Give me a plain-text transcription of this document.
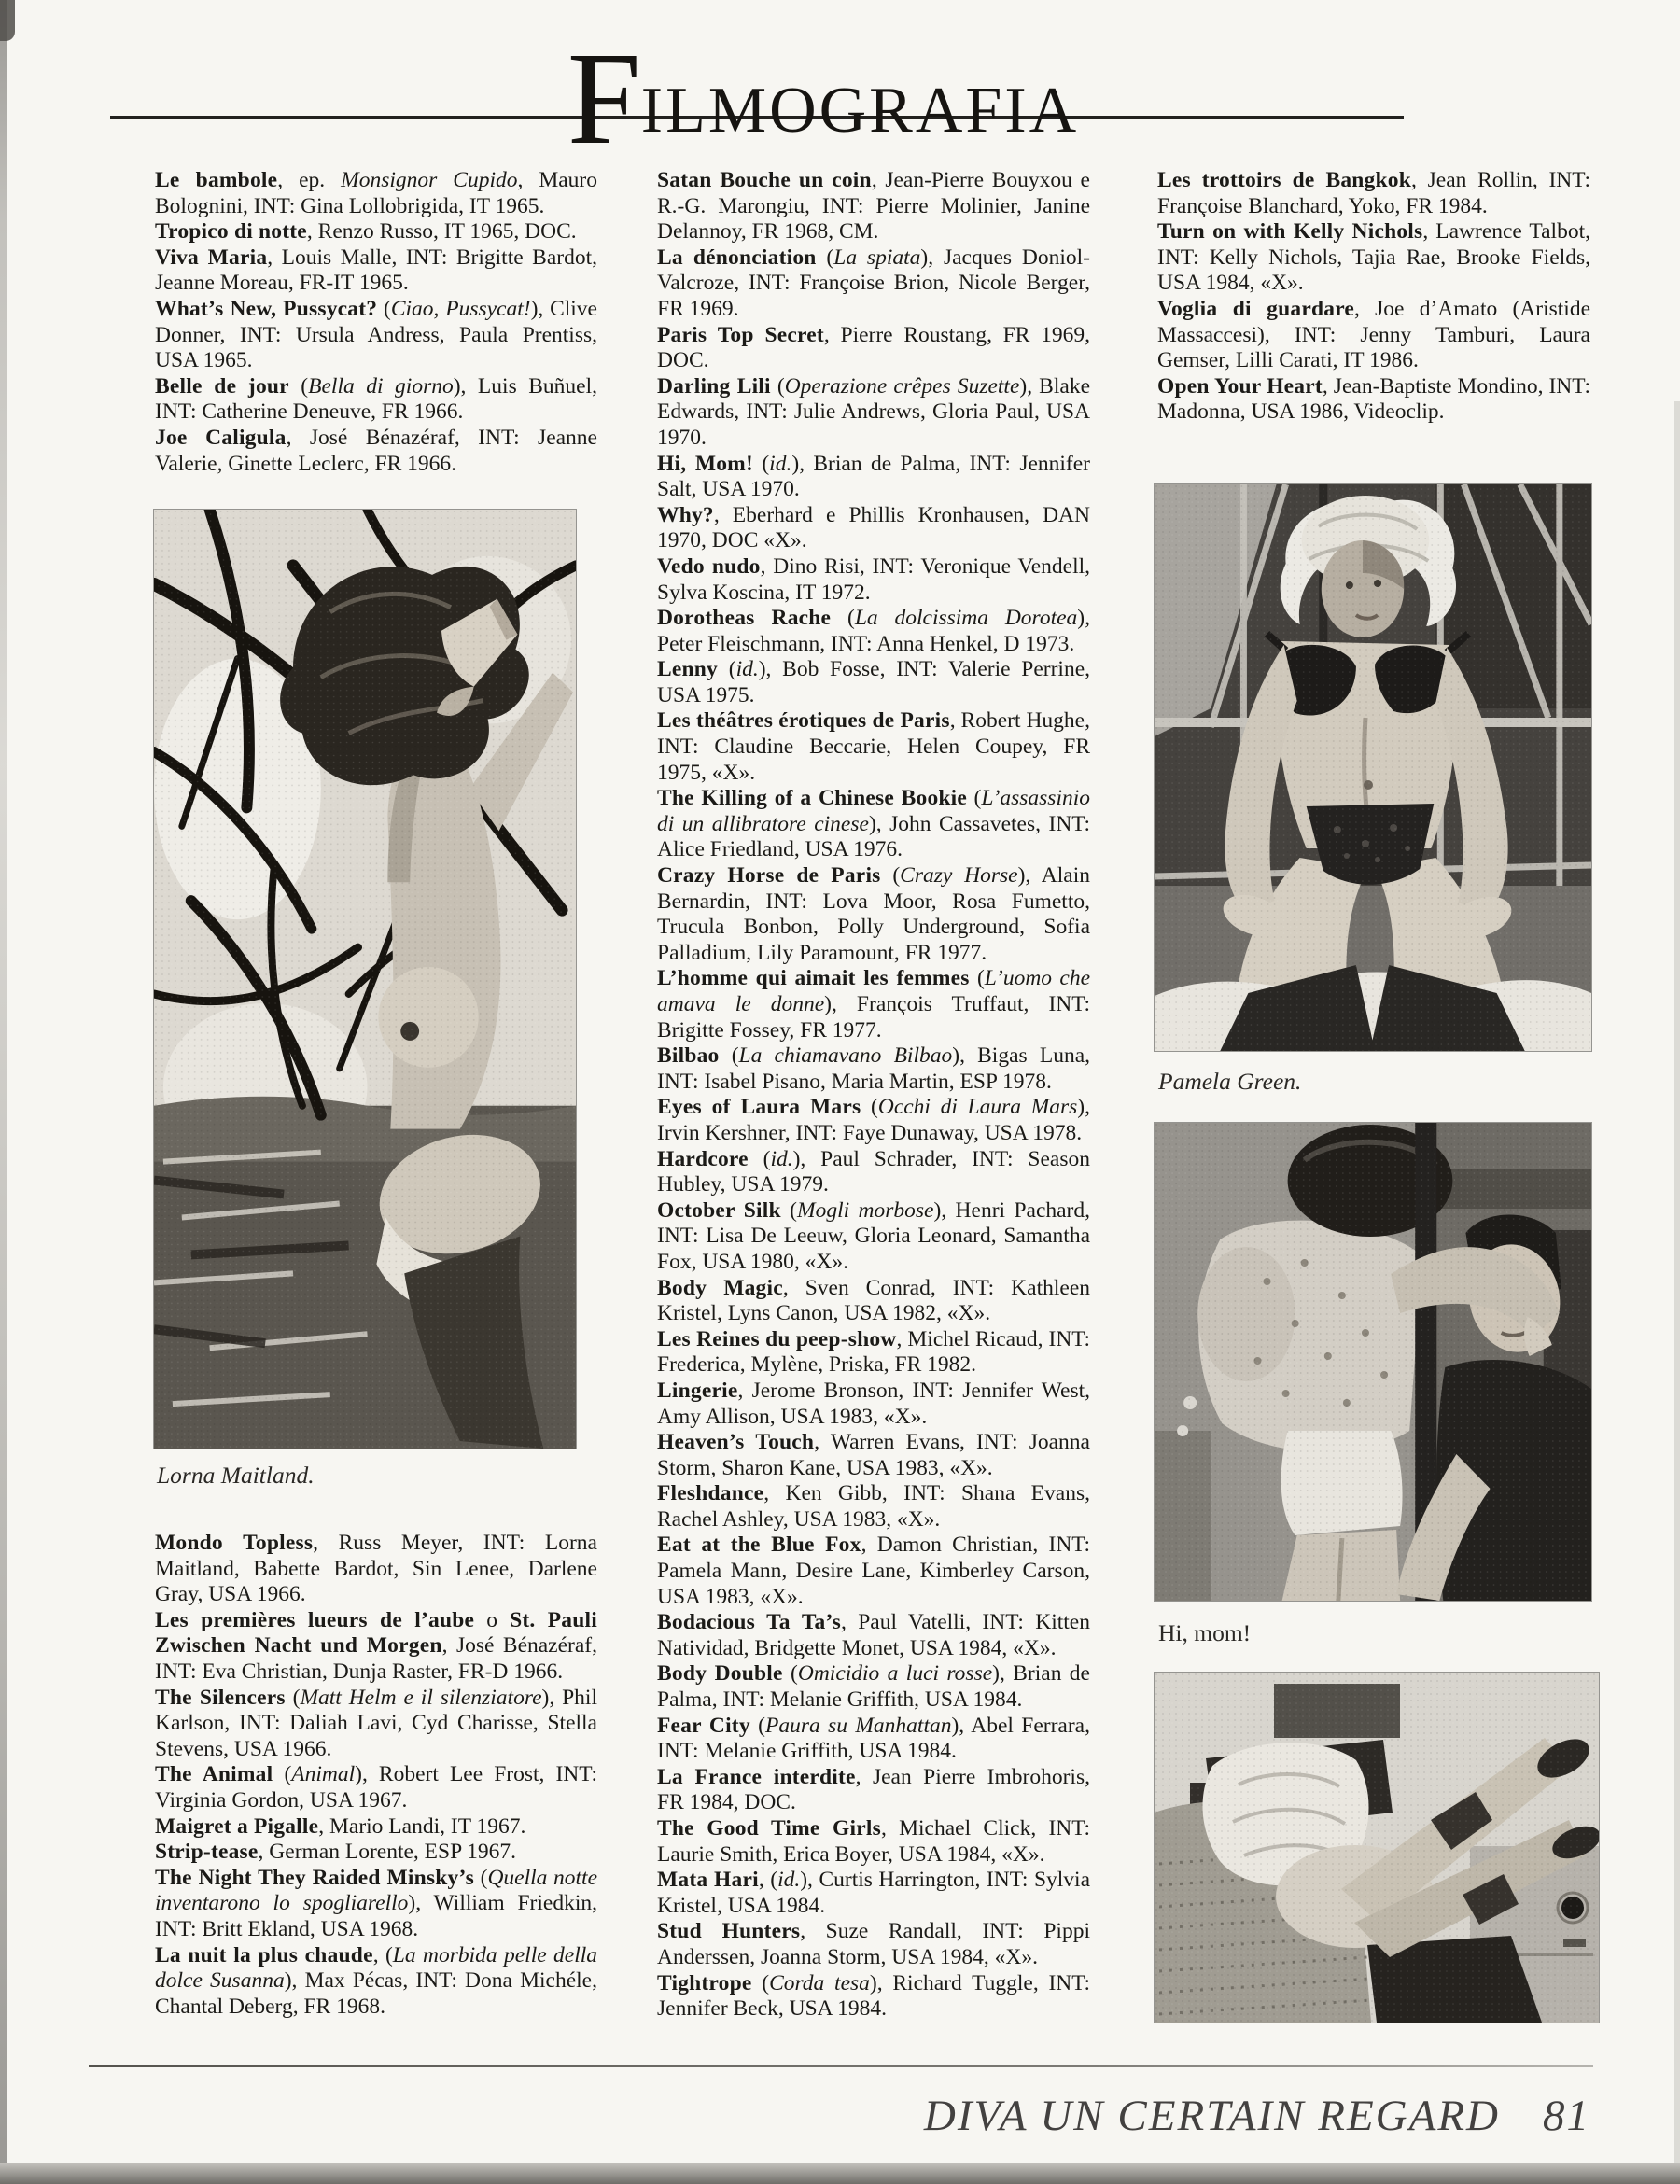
FILMOGRAFIA

Le bambole, ep. Monsignor Cupido, Mauro Bolognini, INT: Gina Lollobrigida, IT 1965.

Tropico di notte, Renzo Russo, IT 1965, DOC.

Viva Maria, Louis Malle, INT: Brigitte Bardot, Jeanne Moreau, FR-IT 1965.

What’s New, Pussycat? (Ciao, Pussycat!), Clive Donner, INT: Ursula Andress, Paula Prentiss, USA 1965.

Belle de jour (Bella di giorno), Luis Buñuel, INT: Catherine Deneuve, FR 1966.

Joe Caligula, José Bénazéraf, INT: Jeanne Valerie, Ginette Leclerc, FR 1966.

Lorna Maitland.

Mondo Topless, Russ Meyer, INT: Lorna Maitland, Babette Bardot, Sin Lenee, Darlene Gray, USA 1966.

Les premières lueurs de l’aube o St. Pauli Zwischen Nacht und Morgen, José Bénazéraf, INT: Eva Christian, Dunja Raster, FR-D 1966.

The Silencers (Matt Helm e il silenziatore), Phil Karlson, INT: Daliah Lavi, Cyd Charisse, Stella Stevens, USA 1966.

The Animal (Animal), Robert Lee Frost, INT: Virginia Gordon, USA 1967.

Maigret a Pigalle, Mario Landi, IT 1967.

Strip-tease, German Lorente, ESP 1967.

The Night They Raided Minsky’s (Quella notte inventarono lo spogliarello), William Friedkin, INT: Britt Ekland, USA 1968.

La nuit la plus chaude, (La morbida pelle della dolce Susanna), Max Pécas, INT: Dona Michéle, Chantal Deberg, FR 1968.

Satan Bouche un coin, Jean-Pierre Bouyxou e R.-G. Marongiu, INT: Pierre Molinier, Janine Delannoy, FR 1968, CM.

La dénonciation (La spiata), Jacques Doniol-Valcroze, INT: Françoise Brion, Nicole Berger, FR 1969.

Paris Top Secret, Pierre Roustang, FR 1969, DOC.

Darling Lili (Operazione crêpes Suzette), Blake Edwards, INT: Julie Andrews, Gloria Paul, USA 1970.

Hi, Mom! (id.), Brian de Palma, INT: Jennifer Salt, USA 1970.

Why?, Eberhard e Phillis Kronhausen, DAN 1970, DOC «X».

Vedo nudo, Dino Risi, INT: Veronique Vendell, Sylva Koscina, IT 1972.

Dorotheas Rache (La dolcissima Dorotea), Peter Fleischmann, INT: Anna Henkel, D 1973.

Lenny (id.), Bob Fosse, INT: Valerie Perrine, USA 1975.

Les théâtres érotiques de Paris, Robert Hughe, INT: Claudine Beccarie, Helen Coupey, FR 1975, «X».

The Killing of a Chinese Bookie (L’assassinio di un allibratore cinese), John Cassavetes, INT: Alice Friedland, USA 1976.

Crazy Horse de Paris (Crazy Horse), Alain Bernardin, INT: Lova Moor, Rosa Fumetto, Trucula Bonbon, Polly Underground, Sofia Palladium, Lily Paramount, FR 1977.

L’homme qui aimait les femmes (L’uomo che amava le donne), François Truffaut, INT: Brigitte Fossey, FR 1977.

Bilbao (La chiamavano Bilbao), Bigas Luna, INT: Isabel Pisano, Maria Martin, ESP 1978.

Eyes of Laura Mars (Occhi di Laura Mars), Irvin Kershner, INT: Faye Dunaway, USA 1978.

Hardcore (id.), Paul Schrader, INT: Season Hubley, USA 1979.

October Silk (Mogli morbose), Henri Pachard, INT: Lisa De Leeuw, Gloria Leonard, Samantha Fox, USA 1980, «X».

Body Magic, Sven Conrad, INT: Kathleen Kristel, Lyns Canon, USA 1982, «X».

Les Reines du peep-show, Michel Ricaud, INT: Frederica, Mylène, Priska, FR 1982.

Lingerie, Jerome Bronson, INT: Jennifer West, Amy Allison, USA 1983, «X».

Heaven’s Touch, Warren Evans, INT: Joanna Storm, Sharon Kane, USA 1983, «X».

Fleshdance, Ken Gibb, INT: Shana Evans, Rachel Ashley, USA 1983, «X».

Eat at the Blue Fox, Damon Christian, INT: Pamela Mann, Desire Lane, Kimberley Carson, USA 1983, «X».

Bodacious Ta Ta’s, Paul Vatelli, INT: Kitten Natividad, Bridgette Monet, USA 1984, «X».

Body Double (Omicidio a luci rosse), Brian de Palma, INT: Melanie Griffith, USA 1984.

Fear City (Paura su Manhattan), Abel Ferrara, INT: Melanie Griffith, USA 1984.

La France interdite, Jean Pierre Imbrohoris, FR 1984, DOC.

The Good Time Girls, Michael Click, INT: Laurie Smith, Erica Boyer, USA 1984, «X».

Mata Hari, (id.), Curtis Harrington, INT: Sylvia Kristel, USA 1984.

Stud Hunters, Suze Randall, INT: Pippi Anderssen, Joanna Storm, USA 1984, «X».

Tightrope (Corda tesa), Richard Tuggle, INT: Jennifer Beck, USA 1984.

Les trottoirs de Bangkok, Jean Rollin, INT: Françoise Blanchard, Yoko, FR 1984.

Turn on with Kelly Nichols, Lawrence Talbot, INT: Kelly Nichols, Tajia Rae, Brooke Fields, USA 1984, «X».

Voglia di guardare, Joe d’Amato (Aristide Massaccesi), INT: Jenny Tamburi, Laura Gemser, Lilli Carati, IT 1986.

Open Your Heart, Jean-Baptiste Mondino, INT: Madonna, USA 1986, Videoclip.

Pamela Green.
Hi, mom!
DIVA UN CERTAIN REGARD 81
